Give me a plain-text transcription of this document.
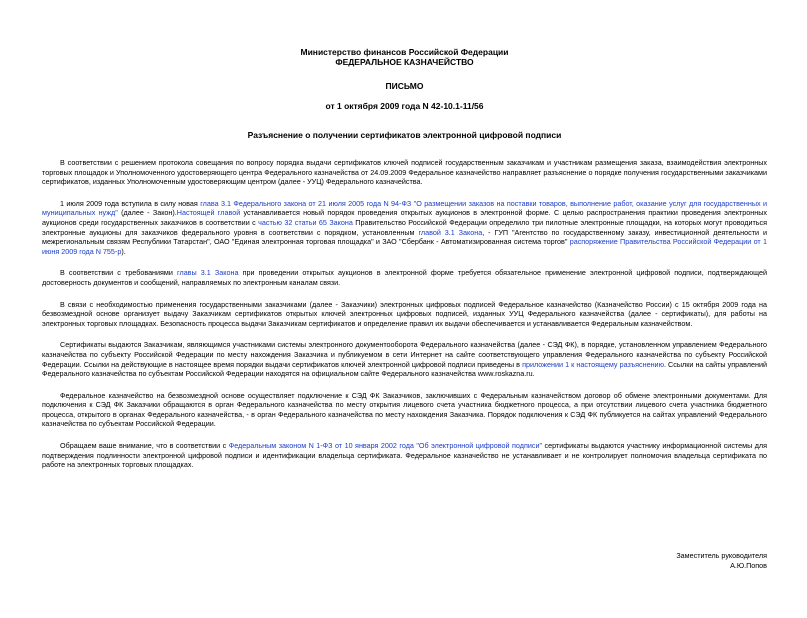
Министерство финансов Российской Федерации
ФЕДЕРАЛЬНОЕ КАЗНАЧЕЙСТВО
ПИСЬМО
от 1 октября 2009 года N 42-10.1-11/56
Разъяснение о получении сертификатов электронной цифровой подписи

В соответствии с решением протокола совещания по вопросу порядка выдачи сертификатов ключей подписей государственным заказчикам и участникам размещения заказа, взаимодействия электронных торговых площадок и Уполномоченного удостоверяющего центра Федерального казначейства от 24.09.2009 Федеральное казначейство направляет разъяснение о порядке получения государственными заказчиками сертификатов, изданных Уполномоченным удостоверяющим центром (далее - УУЦ) Федерального казначейства.

1 июля 2009 года вступила в силу новая глава 3.1 Федерального закона от 21 июля 2005 года N 94-ФЗ "О размещении заказов на поставки товаров, выполнение работ, оказание услуг для государственных и муниципальных нужд" (далее - Закон).Настоящей главой устанавливается новый порядок проведения открытых аукционов в электронной форме. С целью распространения практики проведения электронных аукционов среди государственных заказчиков в соответствии с частью 32 статьи 65 Закона Правительство Российской Федерации определило три пилотные электронные площадки, на которых могут проводиться электронные аукционы для заказчиков федерального уровня в соответствии с порядком, установленным главой 3.1 Закона, - ГУП "Агентство по государственному заказу, инвестиционной деятельности и межрегиональным связям Республики Татарстан", ОАО "Единая электронная торговая площадка" и ЗАО "Сбербанк - Автоматизированная система торгов" распоряжение Правительства Российской Федерации от 1 июня 2009 года N 755-р).

В соответствии с требованиями главы 3.1 Закона при проведении открытых аукционов в электронной форме требуется обязательное применение электронной цифровой подписи, подтверждающей достоверность документов и сообщений, направляемых по электронным каналам связи.

В связи с необходимостью применения государственными заказчиками (далее - Заказчики) электронных цифровых подписей Федеральное казначейство (Казначейство России) с 15 октября 2009 года на безвозмездной основе организует выдачу Заказчикам сертификатов открытых ключей электронных цифровых подписей, изданных УУЦ Федерального казначейства (далее - сертификаты), для работы на электронных торговых площадках. Безопасность процесса выдачи Заказчикам сертификатов и определение правил их выдачи обеспечивается и устанавливается Федеральным казначейством.

Сертификаты выдаются Заказчикам, являющимся участниками системы электронного документооборота Федерального казначейства (далее - СЭД ФК), в порядке, установленном управлением Федерального казначейства по субъекту Российской Федерации по месту нахождения Заказчика и публикуемом в сети Интернет на сайте соответствующего управления Федерального казначейства по субъекту Российской Федерации. Ссылки на действующие в настоящее время порядки выдачи сертификатов ключей электронной цифровой подписи приведены в приложении 1 к настоящему разъяснению. Ссылки на сайты управлений Федерального казначейства по субъектам Российской Федерации находятся на официальном сайте Федерального казначейства www.roskazna.ru.

Федеральное казначейство на безвозмездной основе осуществляет подключение к СЭД ФК Заказчиков, заключивших с Федеральным казначейством договор об обмене электронными документами. Для подключения к СЭД ФК Заказчики обращаются в орган Федерального казначейства по месту открытия лицевого счета участника бюджетного процесса, а при отсутствии лицевого счета участника бюджетного процесса, открытого в органах Федерального казначейства, - в орган Федерального казначейства по месту нахождения Заказчика. Порядок подключения к СЭД ФК публикуется на сайтах управлений Федерального казначейства по субъектам Российской Федерации.

Обращаем ваше внимание, что в соответствии с Федеральным законом N 1-ФЗ от 10 января 2002 года "Об электронной цифровой подписи" сертификаты выдаются участнику информационной системы для подтверждения подлинности электронной цифровой подписи и идентификации владельца сертификата. Федеральное казначейство не устанавливает и не контролирует полномочия владельца сертификата по работе на электронных торговых площадках.

Заместитель руководителя
А.Ю.Попов
